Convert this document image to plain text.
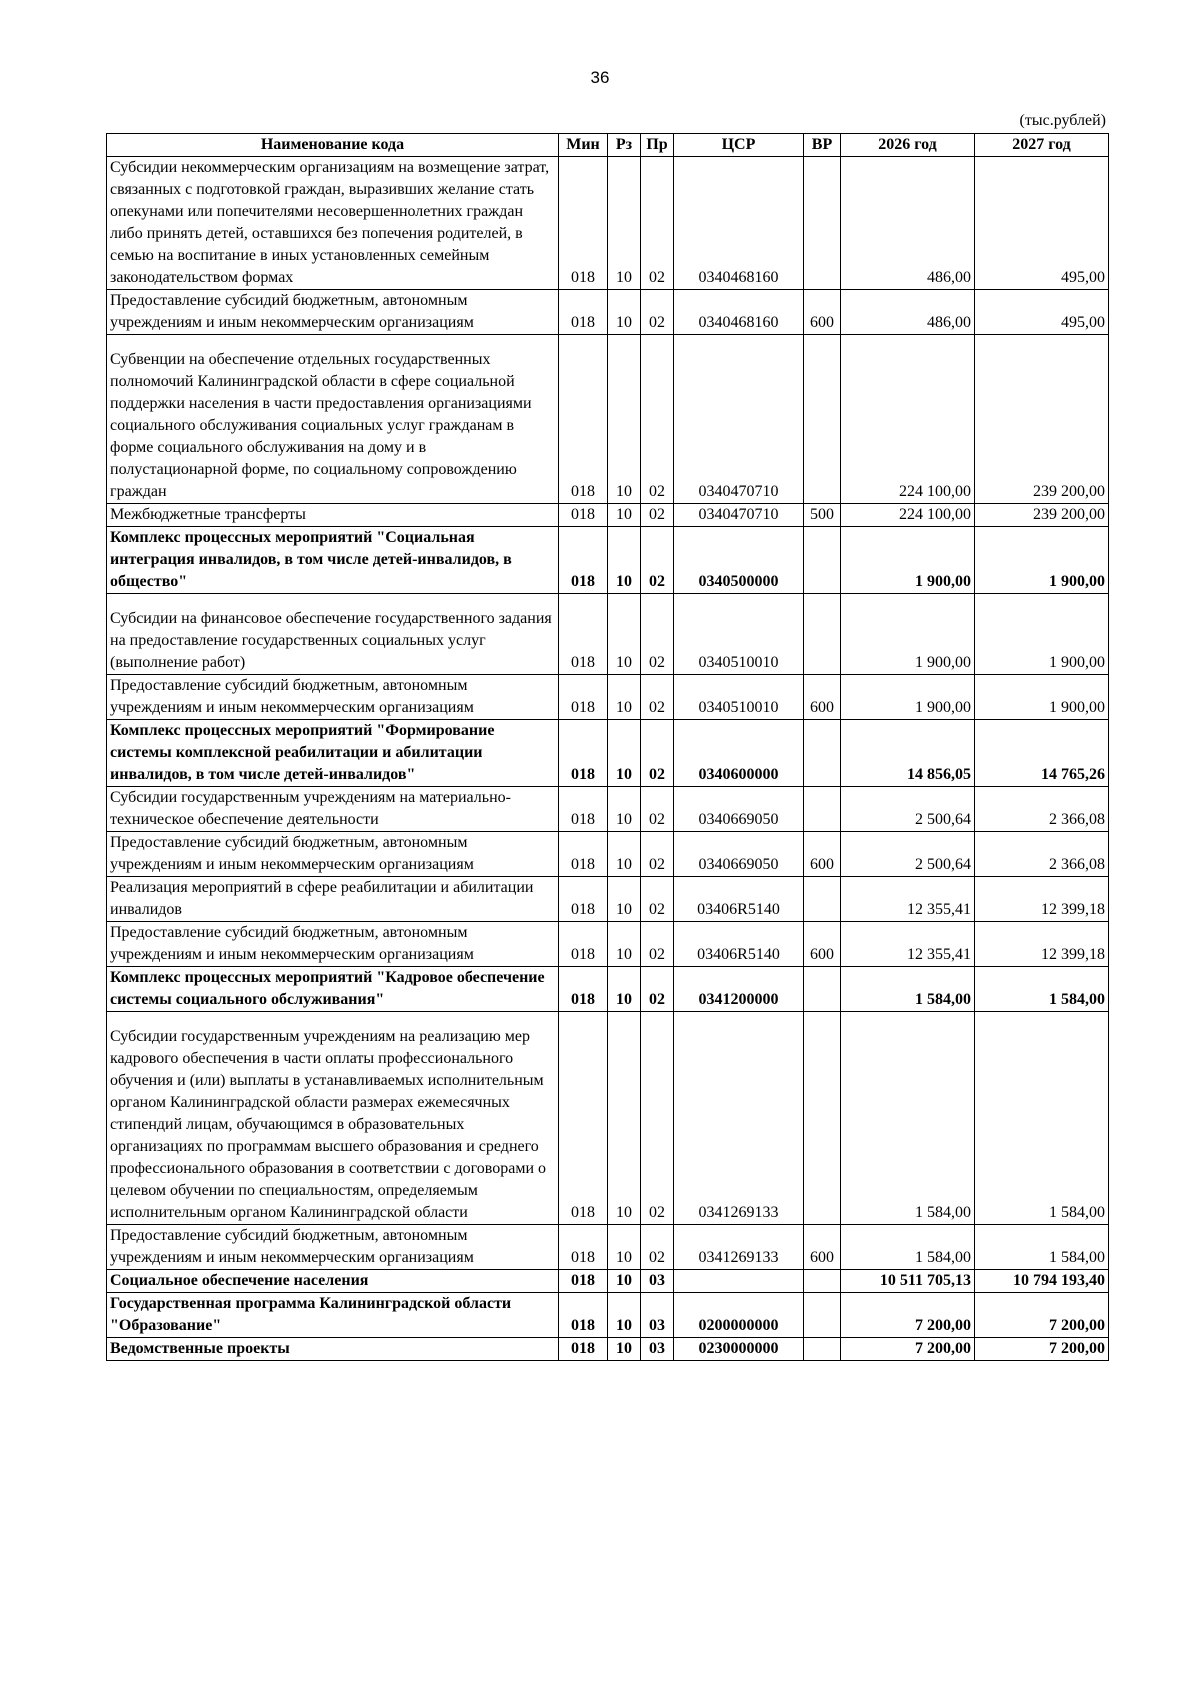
36
(тыс.рублей)
Наименование кода	Мин	Рз	Пр	ЦСР	ВР	2026 год	2027 год
Субсидии некоммерческим организациям на возмещение затрат, связанных с подготовкой граждан, выразивших желание стать опекунами или попечителями несовершеннолетних граждан либо принять детей, оставшихся без попечения родителей, в семью на воспитание в иных установленных семейным законодательством формах	018	10	02	0340468160		486,00	495,00
Предоставление субсидий бюджетным, автономным учреждениям и иным некоммерческим организациям	018	10	02	0340468160	600	486,00	495,00
Субвенции на обеспечение отдельных государственных полномочий Калининградской области в сфере социальной поддержки населения в части предоставления организациями социального обслуживания социальных услуг гражданам в форме социального обслуживания на дому и в полустационарной форме, по социальному сопровождению граждан	018	10	02	0340470710		224 100,00	239 200,00
Межбюджетные трансферты	018	10	02	0340470710	500	224 100,00	239 200,00
Комплекс процессных мероприятий "Социальная интеграция инвалидов, в том числе детей-инвалидов, в общество"	018	10	02	0340500000		1 900,00	1 900,00
Субсидии на финансовое обеспечение государственного задания на предоставление государственных социальных услуг (выполнение работ)	018	10	02	0340510010		1 900,00	1 900,00
Предоставление субсидий бюджетным, автономным учреждениям и иным некоммерческим организациям	018	10	02	0340510010	600	1 900,00	1 900,00
Комплекс процессных мероприятий "Формирование системы комплексной реабилитации и абилитации инвалидов, в том числе детей-инвалидов"	018	10	02	0340600000		14 856,05	14 765,26
Субсидии государственным учреждениям на материально-техническое обеспечение деятельности	018	10	02	0340669050		2 500,64	2 366,08
Предоставление субсидий бюджетным, автономным учреждениям и иным некоммерческим организациям	018	10	02	0340669050	600	2 500,64	2 366,08
Реализация мероприятий в сфере реабилитации и абилитации инвалидов	018	10	02	03406R5140		12 355,41	12 399,18
Предоставление субсидий бюджетным, автономным учреждениям и иным некоммерческим организациям	018	10	02	03406R5140	600	12 355,41	12 399,18
Комплекс процессных мероприятий "Кадровое обеспечение системы социального обслуживания"	018	10	02	0341200000		1 584,00	1 584,00
Субсидии государственным учреждениям на реализацию мер кадрового обеспечения в части оплаты профессионального обучения и (или) выплаты в устанавливаемых исполнительным органом Калининградской области размерах ежемесячных стипендий лицам, обучающимся в образовательных организациях по программам высшего образования и среднего профессионального образования в соответствии с договорами о целевом обучении по специальностям, определяемым исполнительным органом Калининградской области	018	10	02	0341269133		1 584,00	1 584,00
Предоставление субсидий бюджетным, автономным учреждениям и иным некоммерческим организациям	018	10	02	0341269133	600	1 584,00	1 584,00
Социальное обеспечение населения	018	10	03			10 511 705,13	10 794 193,40
Государственная программа Калининградской области "Образование"	018	10	03	0200000000		7 200,00	7 200,00
Ведомственные проекты	018	10	03	0230000000		7 200,00	7 200,00
